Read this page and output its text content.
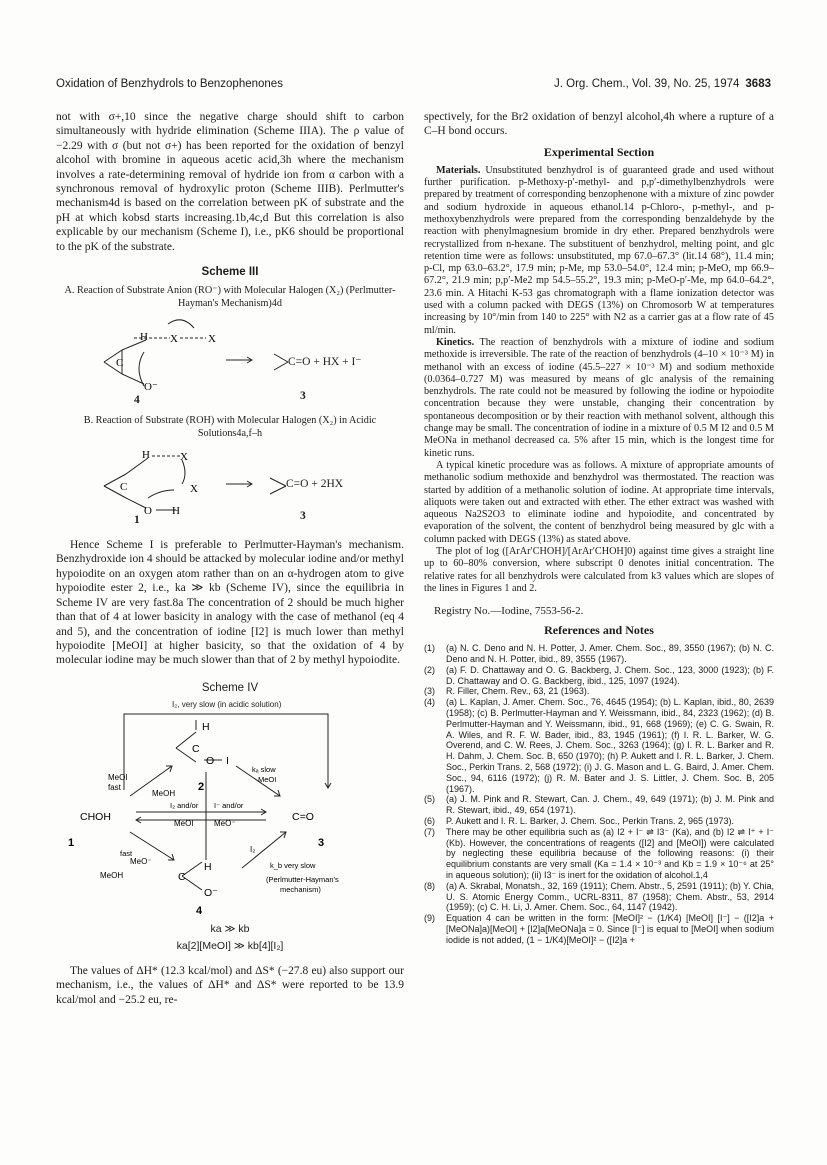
Oxidation of Benzhydrols to Benzophenones	J. Org. Chem., Vol. 39, No. 25, 1974 3683

not with σ+,10 since the negative charge should shift to carbon simultaneously with hydride elimination (Scheme IIIA). The ρ value of −2.29 with σ (but not σ+) has been reported for the oxidation of benzyl alcohol with bromine in aqueous acetic acid,3h where the mechanism involves a rate-determining removal of hydride ion from α carbon with a synchronous removal of hydroxylic proton (Scheme IIIB). Perlmutter's mechanism4d is based on the correlation between pK of substrate and the pH at which kobsd starts increasing.1b,4c,d But this correlation is also explicable by our mechanism (Scheme I), i.e., pK6 should be proportional to the pK of the substrate.

Scheme III
A. Reaction of Substrate Anion (RO⁻) with Molecular Halogen (X₂) (Perlmutter-Hayman's Mechanism)4d
H X	X
C
O⁻
C=O + HX + I⁻
4	3
B. Reaction of Substrate (ROH) with Molecular Halogen (X₂) in Acidic Solutions4a,f–h
H	X
X
C
O H
C=O + 2HX
1	3

Hence Scheme I is preferable to Perlmutter-Hayman's mechanism. Benzhydroxide ion 4 should be attacked by molecular iodine and/or methyl hypoiodite on an oxygen atom rather than on an α-hydrogen atom to give hypoiodite ester 2, i.e., ka ≫ kb (Scheme IV), since the equilibria in Scheme IV are very fast.8a The concentration of 2 should be much higher than that of 4 at lower basicity in analogy with the case of methanol (eq 4 and 5), and the concentration of iodine [I2] is much lower than methyl hypoiodite [MeOI] at higher basicity, so that the oxidation of 4 by molecular iodine may be much slower than that of 2 by methyl hypoiodite.

Scheme IV
I₂, very slow (in acidic solution)
H
C
O I
CHOH	C=O
H
C
O⁻
2
1	3
4
MeOI
fast
MeOH
I₂ and/or I⁻ and/or
MeOI	MeO⁻
kₐ slow
MeOI
fast
MeO⁻
MeOH
I₂
k_b very slow
(Perlmutter-Hayman's
mechanism)
ka ≫ kb
ka[2][MeOI] ≫ kb[4][I₂]

The values of ΔH* (12.3 kcal/mol) and ΔS* (−27.8 eu) also support our mechanism, i.e., the values of ΔH* and ΔS* were reported to be 13.9 kcal/mol and −25.2 eu, re-

spectively, for the Br2 oxidation of benzyl alcohol,4h where a rupture of a C–H bond occurs.

Experimental Section

Materials. Unsubstituted benzhydrol is of guaranteed grade and used without further purification. p-Methoxy-p′-methyl- and p,p′-dimethylbenzhydrols were prepared by treatment of corresponding benzophenone with a mixture of zinc powder and sodium hydroxide in aqueous ethanol.14 p-Chloro-, p-methyl-, and p-methoxybenzhydrols were prepared from the corresponding benzaldehyde by the reaction with phenylmagnesium bromide in dry ether. Prepared benzhydrols were recrystallized from n-hexane. The substituent of benzhydrol, melting point, and glc retention time were as follows: unsubstituted, mp 67.0–67.3° (lit.14 68°), 11.4 min; p-Cl, mp 63.0–63.2°, 17.9 min; p-Me, mp 53.0–54.0°, 12.4 min; p-MeO, mp 66.9–67.2°, 21.9 min; p,p′-Me2 mp 54.5–55.2°, 19.3 min; p-MeO-p′-Me, mp 64.0–64.2°, 23.6 min. A Hitachi K-53 gas chromatograph with a flame ionization detector was used with a column packed with DEGS (13%) on Chromosorb W at temperatures increasing by 10°/min from 140 to 225° with N2 as a carrier gas at a flow rate of 45 ml/min.

Kinetics. The reaction of benzhydrols with a mixture of iodine and sodium methoxide is irreversible. The rate of the reaction of benzhydrols (4–10 × 10⁻³ M) in methanol with an excess of iodine (45.5–227 × 10⁻³ M) and sodium methoxide (0.0364–0.727 M) was measured by means of glc analysis of the remaining benzhydrols. The rate could not be measured by following the iodine or hypoiodite concentration because they were unstable, changing their concentration by spontaneous decomposition or by their reaction with methanol solvent, although this change may be small. The concentration of iodine in a mixture of 0.5 M I2 and 0.5 M MeONa in methanol decreased ca. 5% after 15 min, which is the longest time for kinetic runs.

A typical kinetic procedure was as follows. A mixture of appropriate amounts of methanolic sodium methoxide and benzhydrol was thermostated. The reaction was started by addition of a methanolic solution of iodine. At appropriate time intervals, aliquots were taken out and extracted with ether. The ether extract was washed with aqueous Na2S2O3 to eliminate iodine and hypoiodite, and concentrated by evaporation of the solvent, the content of benzhydrol being measured by glc with a column packed with DEGS (13%) as stated above.

The plot of log ([ArAr′CHOH]/[ArAr′CHOH]0) against time gives a straight line up to 60–80% conversion, where subscript 0 denotes initial concentration. The relative rates for all benzhydrols were calculated from k3 values which are slopes of the lines in Figures 1 and 2.

Registry No.—Iodine, 7553-56-2.
References and Notes
(1)	(a) N. C. Deno and N. H. Potter, J. Amer. Chem. Soc., 89, 3550 (1967); (b) N. C. Deno and N. H. Potter, ibid., 89, 3555 (1967).
(2)	(a) F. D. Chattaway and O. G. Backberg, J. Chem. Soc., 123, 3000 (1923); (b) F. D. Chattaway and O. G. Backberg, ibid., 125, 1097 (1924).
(3)	R. Filler, Chem. Rev., 63, 21 (1963).
(4)	(a) L. Kaplan, J. Amer. Chem. Soc., 76, 4645 (1954); (b) L. Kaplan, ibid., 80, 2639 (1958); (c) B. Perlmutter-Hayman and Y. Weissmann, ibid., 84, 2323 (1962); (d) B. Perlmutter-Hayman and Y. Weissmann, ibid., 91, 668 (1969); (e) C. G. Swain, R. A. Wiles, and R. F. W. Bader, ibid., 83, 1945 (1961); (f) I. R. L. Barker, W. G. Overend, and C. W. Rees, J. Chem. Soc., 3263 (1964); (g) I. R. L. Barker and R. H. Dahm, J. Chem. Soc. B, 650 (1970); (h) P. Aukett and I. R. L. Barker, J. Chem. Soc., Perkin Trans. 2, 568 (1972); (i) J. G. Mason and L. G. Baird, J. Amer. Chem. Soc., 94, 6116 (1972); (j) R. M. Bater and J. S. Littler, J. Chem. Soc. B, 205 (1967).
(5)	(a) J. M. Pink and R. Stewart, Can. J. Chem., 49, 649 (1971); (b) J. M. Pink and R. Stewart, ibid., 49, 654 (1971).
(6)	P. Aukett and I. R. L. Barker, J. Chem. Soc., Perkin Trans. 2, 965 (1973).
(7)	There may be other equilibria such as (a) I2 + I⁻ ⇌ I3⁻ (Ka), and (b) I2 ⇌ I⁺ + I⁻ (Kb). However, the concentrations of reagents ([I2] and [MeOI]) were calculated by neglecting these equilibria because of the following reasons: (i) their equilibrium constants are very small (Ka = 1.4 × 10⁻³ and Kb = 1.9 × 10⁻⁶ at 25° in aqueous solution); (ii) I3⁻ is inert for the oxidation of alcohol.1,4
(8)	(a) A. Skrabal, Monatsh., 32, 169 (1911); Chem. Abstr., 5, 2591 (1911); (b) Y. Chia, U. S. Atomic Energy Comm., UCRL-8311, 87 (1958); Chem. Abstr., 53, 2914 (1959); (c) C. H. Li, J. Amer. Chem. Soc., 64, 1147 (1942).
(9)	Equation 4 can be written in the form: [MeOI]² − (1/K4) [MeOI] [I⁻] − ([I2]a + [MeONa]a)[MeOI] + [I2]a[MeONa]a = 0. Since [I⁻] is equal to [MeOI] when sodium iodide is not added, (1 − 1/K4)[MeOI]² − ([I2]a +
